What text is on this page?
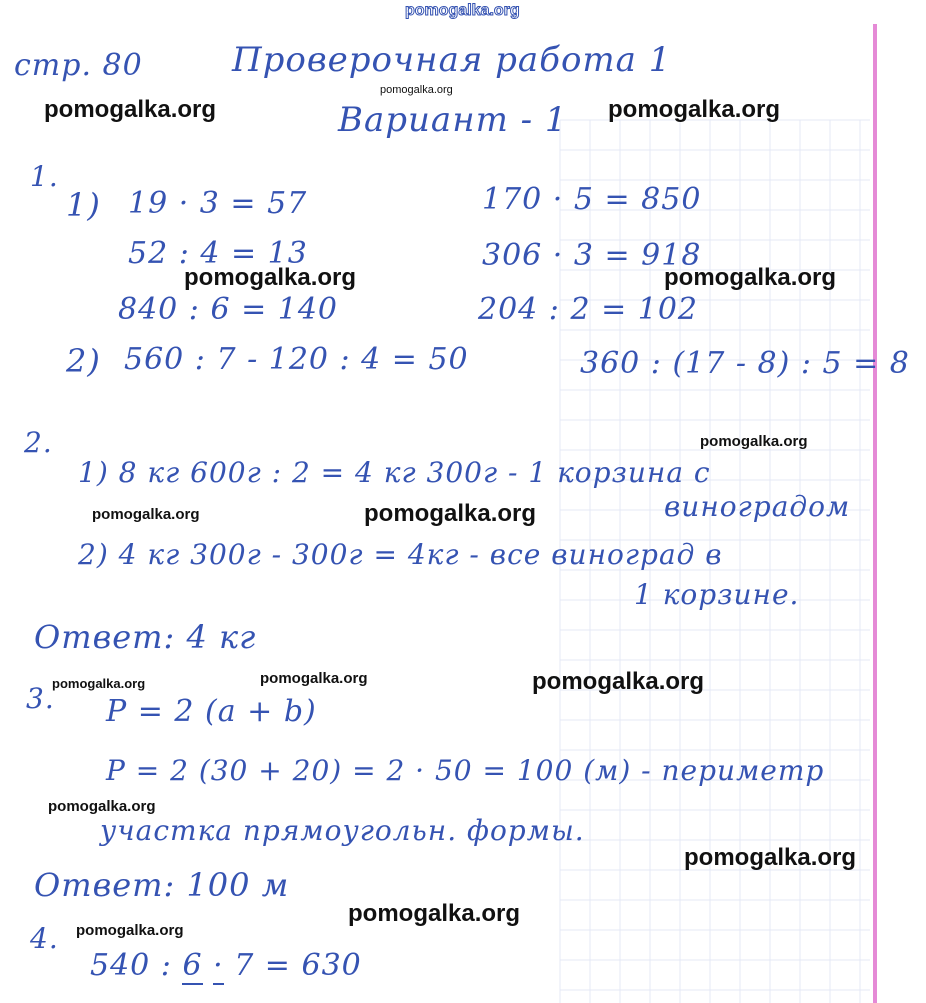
pomogalka.org
стр. 80	Проверочная работа 1
Вариант - 1
1.
1) 19 · 3 = 57
52 : 4 = 13
840 : 6 = 140
170 · 5 = 850
306 · 3 = 918
204 : 2 = 102
2) 560 : 7 - 120 : 4 = 50	360 : (17 - 8) : 5 = 8
2.
1) 8 кг 600г : 2 = 4 кг 300г - 1 корзина с
виноградом
2) 4 кг 300г - 300г = 4кг - все виноград в
1 корзине.
Ответ: 4 кг
3. P = 2 (a + b)
P = 2 (30 + 20) = 2 · 50 = 100 (м) - периметр
участка прямоугольн. формы.
Ответ: 100 м
4.
540 : 6 · 7 = 630
pomogalka.org
pomogalka.org
pomogalka.org
pomogalka.org	pomogalka.org
pomogalka.org
pomogalka.org	pomogalka.org
pomogalka.org
pomogalka.org	pomogalka.org
pomogalka.org
pomogalka.org
pomogalka.org
pomogalka.org
